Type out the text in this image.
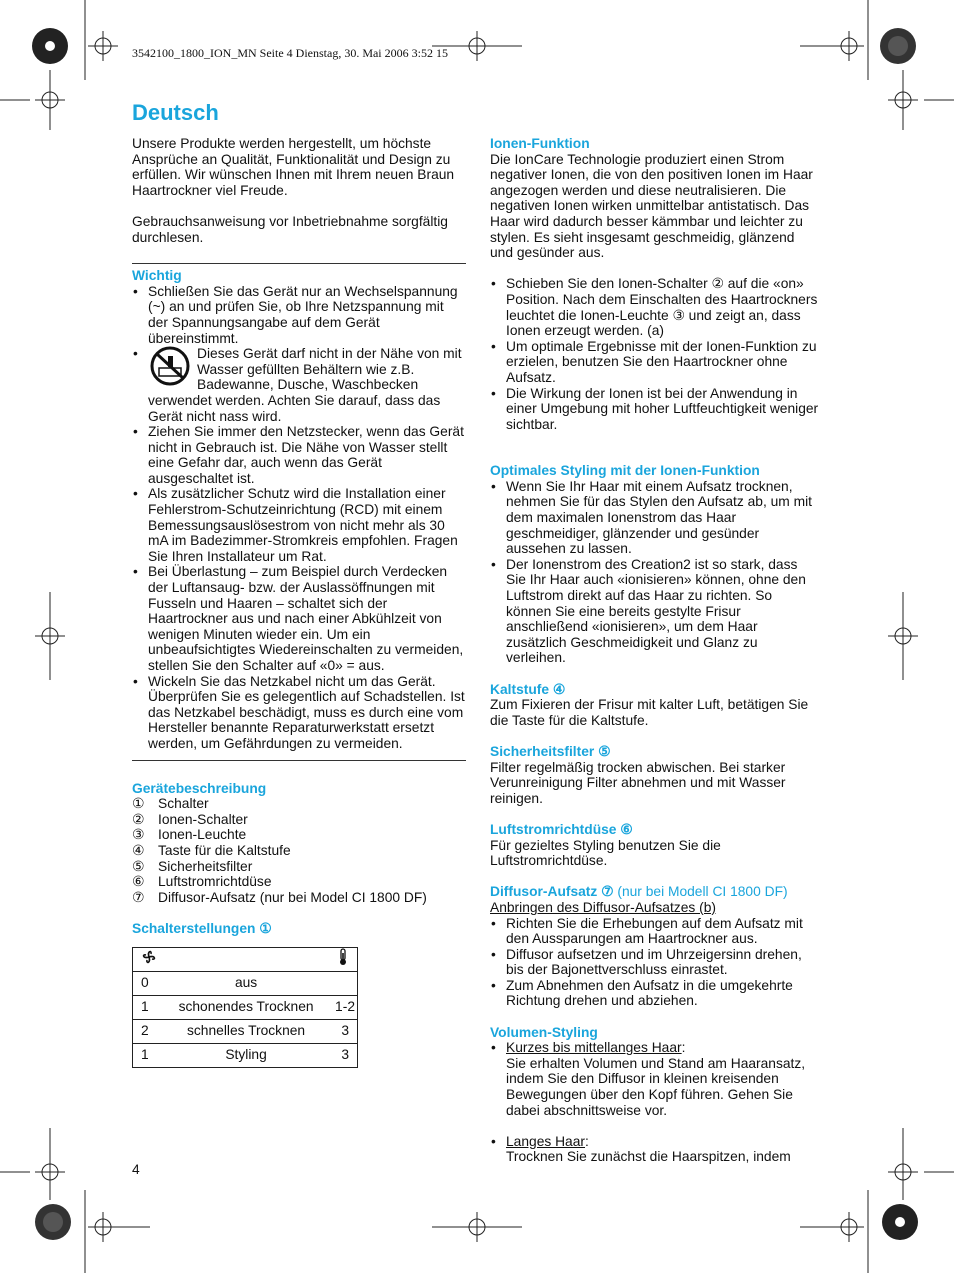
3542100_1800_ION_MN Seite 4 Dienstag, 30. Mai 2006 3:52 15
Deutsch

Unsere Produkte werden hergestellt, um höchste Ansprüche an Qualität, Funktionalität und Design zu erfüllen. Wir wünschen Ihnen mit Ihrem neuen Braun Haartrockner viel Freude.

Gebrauchsanweisung vor Inbetriebnahme sorgfältig durchlesen.

Wichtig
• Schließen Sie das Gerät nur an Wechselspannung (~) an und prüfen Sie, ob Ihre Netzspannung mit der Spannungsangabe auf dem Gerät übereinstimmt.
• Dieses Gerät darf nicht in der Nähe von mit Wasser gefüllten Behältern wie z.B. Badewanne, Dusche, Waschbecken verwendet werden. Achten Sie darauf, dass das Gerät nicht nass wird.
• Ziehen Sie immer den Netzstecker, wenn das Gerät nicht in Gebrauch ist. Die Nähe von Wasser stellt eine Gefahr dar, auch wenn das Gerät ausgeschaltet ist.
• Als zusätzlicher Schutz wird die Installation einer Fehlerstrom-Schutzeinrichtung (RCD) mit einem Bemessungsauslösestrom von nicht mehr als 30 mA im Badezimmer-Stromkreis empfohlen. Fragen Sie Ihren Installateur um Rat.
• Bei Überlastung – zum Beispiel durch Verdecken der Luftansaug- bzw. der Auslassöffnungen mit Fusseln und Haaren – schaltet sich der Haartrockner aus und nach einer Abkühlzeit von wenigen Minuten wieder ein. Um ein unbeaufsichtigtes Wiedereinschalten zu vermeiden, stellen Sie den Schalter auf «0» = aus.
• Wickeln Sie das Netzkabel nicht um das Gerät. Überprüfen Sie es gelegentlich auf Schadstellen. Ist das Netzkabel beschädigt, muss es durch eine vom Hersteller benannte Reparaturwerkstatt ersetzt werden, um Gefährdungen zu vermeiden.
Gerätebeschreibung
① Schalter
② Ionen-Schalter
③ Ionen-Leuchte
④ Taste für die Kaltstufe
⑤ Sicherheitsfilter
⑥ Luftstromrichtdüse
⑦ Diffusor-Aufsatz (nur bei Model CI 1800 DF)
Schalterstellungen ①

0	aus	
1	schonendes Trocknen	1-2
2	schnelles Trocknen	3
1	Styling	3
Ionen-Funktion

Die IonCare Technologie produziert einen Strom negativer Ionen, die von den positiven Ionen im Haar angezogen werden und diese neutralisieren. Die negativen Ionen wirken unmittelbar antistatisch. Das Haar wird dadurch besser kämmbar und leichter zu stylen. Es sieht insgesamt geschmeidig, glänzend und gesünder aus.

• Schieben Sie den Ionen-Schalter ② auf die «on» Position. Nach dem Einschalten des Haartrockners leuchtet die Ionen-Leuchte ③ und zeigt an, dass Ionen erzeugt werden. (a)
• Um optimale Ergebnisse mit der Ionen-Funktion zu erzielen, benutzen Sie den Haartrockner ohne Aufsatz.
• Die Wirkung der Ionen ist bei der Anwendung in einer Umgebung mit hoher Luftfeuchtigkeit weniger sichtbar.
Optimales Styling mit der Ionen-Funktion
• Wenn Sie Ihr Haar mit einem Aufsatz trocknen, nehmen Sie für das Stylen den Aufsatz ab, um mit dem maximalen Ionenstrom das Haar geschmeidiger, glänzender und gesünder aussehen zu lassen.
• Der Ionenstrom des Creation2 ist so stark, dass Sie Ihr Haar auch «ionisieren» können, ohne den Luftstrom direkt auf das Haar zu richten. So können Sie eine bereits gestylte Frisur anschließend «ionisieren», um dem Haar zusätzlich Geschmeidigkeit und Glanz zu verleihen.
Kaltstufe ④

Zum Fixieren der Frisur mit kalter Luft, betätigen Sie die Taste für die Kaltstufe.

Sicherheitsfilter ⑤

Filter regelmäßig trocken abwischen. Bei starker Verunreinigung Filter abnehmen und mit Wasser reinigen.

Luftstromrichtdüse ⑥

Für gezieltes Styling benutzen Sie die Luftstromrichtdüse.

Diffusor-Aufsatz ⑦ (nur bei Modell CI 1800 DF)

Anbringen des Diffusor-Aufsatzes (b)

• Richten Sie die Erhebungen auf dem Aufsatz mit den Aussparungen am Haartrockner aus.
• Diffusor aufsetzen und im Uhrzeigersinn drehen, bis der Bajonettverschluss einrastet.
• Zum Abnehmen den Aufsatz in die umgekehrte Richtung drehen und abziehen.
Volumen-Styling
• Kurzes bis mittellanges Haar:
Sie erhalten Volumen und Stand am Haaransatz, indem Sie den Diffusor in kleinen kreisenden Bewegungen über den Kopf führen. Gehen Sie dabei abschnittsweise vor.
• Langes Haar:
Trocknen Sie zunächst die Haarspitzen, indem
4
